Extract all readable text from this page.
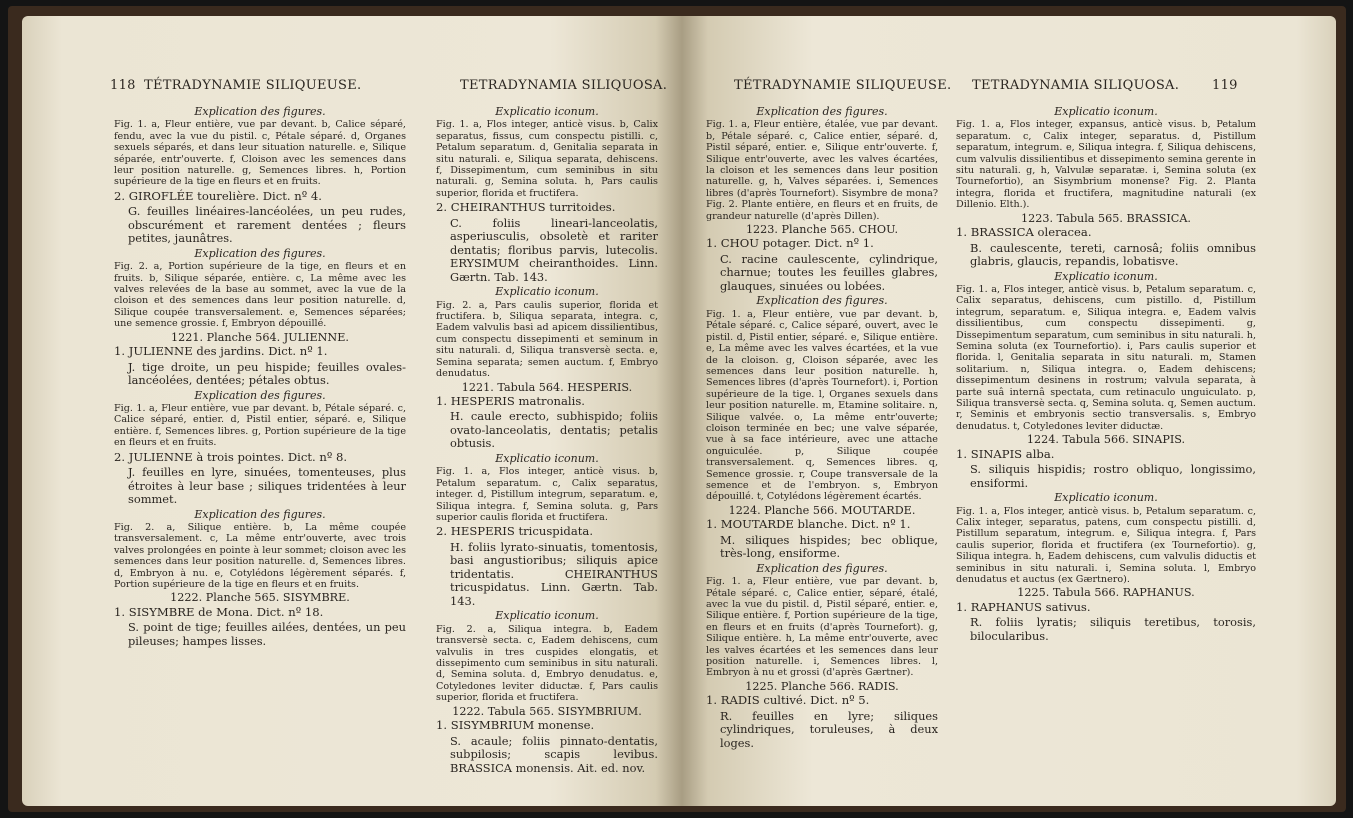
118 TÉTRADYNAMIE SILIQUEUSE.	TETRADYNAMIA SILIQUOSA.

Explication des figures.

Fig. 1. a, Fleur entière, vue par devant. b, Calice séparé, fendu, avec la vue du pistil. c, Pétale séparé. d, Organes sexuels séparés, et dans leur situation naturelle. e, Silique séparée, entr'ouverte. f, Cloison avec les semences dans leur position naturelle. g, Semences libres. h, Portion supérieure de la tige en fleurs et en fruits.

2. GIROFLÉE tourelière. Dict. nº 4.

G. feuilles linéaires-lancéolées, un peu rudes, obscurément et rarement dentées ; fleurs petites, jaunâtres.

Explication des figures.

Fig. 2. a, Portion supérieure de la tige, en fleurs et en fruits. b, Silique séparée, entière. c, La même avec les valves relevées de la base au sommet, avec la vue de la cloison et des semences dans leur position naturelle. d, Silique coupée transversalement. e, Semences séparées; une semence grossie. f, Embryon dépouillé.

1221. Planche 564. JULIENNE.

1. JULIENNE des jardins. Dict. nº 1.

J. tige droite, un peu hispide; feuilles ovales-lancéolées, dentées; pétales obtus.

Explication des figures.

Fig. 1. a, Fleur entière, vue par devant. b, Pétale séparé. c, Calice séparé, entier. d, Pistil entier, séparé. e, Silique entière. f, Semences libres. g, Portion supérieure de la tige en fleurs et en fruits.

2. JULIENNE à trois pointes. Dict. nº 8.

J. feuilles en lyre, sinuées, tomenteuses, plus étroites à leur base ; siliques tridentées à leur sommet.

Explication des figures.

Fig. 2. a, Silique entière. b, La même coupée transversalement. c, La même entr'ouverte, avec trois valves prolongées en pointe à leur sommet; cloison avec les semences dans leur position naturelle. d, Semences libres. d, Embryon à nu. e, Cotylédons légèrement séparés. f, Portion supérieure de la tige en fleurs et en fruits.

1222. Planche 565. SISYMBRE.

1. SISYMBRE de Mona. Dict. nº 18.

S. point de tige; feuilles ailées, dentées, un peu pileuses; hampes lisses.

Explicatio iconum.

Fig. 1. a, Flos integer, anticè visus. b, Calix separatus, fissus, cum conspectu pistilli. c, Petalum separatum. d, Genitalia separata in situ naturali. e, Siliqua separata, dehiscens. f, Dissepimentum, cum seminibus in situ naturali. g, Semina soluta. h, Pars caulis superior, florida et fructifera.

2. CHEIRANTHUS turritoides.

C. foliis lineari-lanceolatis, asperiusculis, obsoletè et rariter dentatis; floribus parvis, lutecolis. ERYSIMUM cheiranthoides. Linn. Gærtn. Tab. 143.

Explicatio iconum.

Fig. 2. a, Pars caulis superior, florida et fructifera. b, Siliqua separata, integra. c, Eadem valvulis basi ad apicem dissilientibus, cum conspectu dissepimenti et seminum in situ naturali. d, Siliqua transversè secta. e, Semina separata; semen auctum. f, Embryo denudatus.

1221. Tabula 564. HESPERIS.

1. HESPERIS matronalis.

H. caule erecto, subhispido; foliis ovato-lanceolatis, dentatis; petalis obtusis.

Explicatio iconum.

Fig. 1. a, Flos integer, anticè visus. b, Petalum separatum. c, Calix separatus, integer. d, Pistillum integrum, separatum. e, Siliqua integra. f, Semina soluta. g, Pars superior caulis florida et fructifera.

2. HESPERIS tricuspidata.

H. foliis lyrato-sinuatis, tomentosis, basi angustioribus; siliquis apice tridentatis. CHEIRANTHUS tricuspidatus. Linn. Gærtn. Tab. 143.

Explicatio iconum.

Fig. 2. a, Siliqua integra. b, Eadem transversè secta. c, Eadem dehiscens, cum valvulis in tres cuspides elongatis, et dissepimento cum seminibus in situ naturali. d, Semina soluta. d, Embryo denudatus. e, Cotyledones leviter diductæ. f, Pars caulis superior, florida et fructifera.

1222. Tabula 565. SISYMBRIUM.

1. SISYMBRIUM monense.

S. acaule; foliis pinnato-dentatis, subpilosis; scapis levibus. BRASSICA monensis. Ait. ed. nov.

TÉTRADYNAMIE SILIQUEUSE. TETRADYNAMIA SILIQUOSA.	119

Explication des figures.

Fig. 1. a, Fleur entière, étalée, vue par devant. b, Pétale séparé. c, Calice entier, séparé. d, Pistil séparé, entier. e, Silique entr'ouverte. f, Silique entr'ouverte, avec les valves écartées, la cloison et les semences dans leur position naturelle. g, h, Valves séparées. i, Semences libres (d'après Tournefort). Sisymbre de mona? Fig. 2. Plante entière, en fleurs et en fruits, de grandeur naturelle (d'après Dillen).

1223. Planche 565. CHOU.

1. CHOU potager. Dict. nº 1.

C. racine caulescente, cylindrique, charnue; toutes les feuilles glabres, glauques, sinuées ou lobées.

Explication des figures.

Fig. 1. a, Fleur entière, vue par devant. b, Pétale séparé. c, Calice séparé, ouvert, avec le pistil. d, Pistil entier, séparé. e, Silique entière. e, La même avec les valves écartées, et la vue de la cloison. g, Cloison séparée, avec les semences dans leur position naturelle. h, Semences libres (d'après Tournefort). i, Portion supérieure de la tige. l, Organes sexuels dans leur position naturelle. m, Etamine solitaire. n, Silique valvée. o, La même entr'ouverte; cloison terminée en bec; une valve séparée, vue à sa face intérieure, avec une attache onguiculée. p, Silique coupée transversalement. q, Semences libres. q, Semence grossie. r, Coupe transversale de la semence et de l'embryon. s, Embryon dépouillé. t, Cotylédons légèrement écartés.

1224. Planche 566. MOUTARDE.

1. MOUTARDE blanche. Dict. nº 1.

M. siliques hispides; bec oblique, très-long, ensiforme.

Explication des figures.

Fig. 1. a, Fleur entière, vue par devant. b, Pétale séparé. c, Calice entier, séparé, étalé, avec la vue du pistil. d, Pistil séparé, entier. e, Silique entière. f, Portion supérieure de la tige, en fleurs et en fruits (d'après Tournefort). g, Silique entière. h, La même entr'ouverte, avec les valves écartées et les semences dans leur position naturelle. i, Semences libres. l, Embryon à nu et grossi (d'après Gærtner).

1225. Planche 566. RADIS.

1. RADIS cultivé. Dict. nº 5.

R. feuilles en lyre; siliques cylindriques, toruleuses, à deux loges.

Explicatio iconum.

Fig. 1. a, Flos integer, expansus, anticè visus. b, Petalum separatum. c, Calix integer, separatus. d, Pistillum separatum, integrum. e, Siliqua integra. f, Siliqua dehiscens, cum valvulis dissilientibus et dissepimento semina gerente in situ naturali. g, h, Valvulæ separatæ. i, Semina soluta (ex Tournefortio), an Sisymbrium monense? Fig. 2. Planta integra, florida et fructifera, magnitudine naturali (ex Dillenio. Elth.).

1223. Tabula 565. BRASSICA.

1. BRASSICA oleracea.

B. caulescente, tereti, carnosâ; foliis omnibus glabris, glaucis, repandis, lobatisve.

Explicatio iconum.

Fig. 1. a, Flos integer, anticè visus. b, Petalum separatum. c, Calix separatus, dehiscens, cum pistillo. d, Pistillum integrum, separatum. e, Siliqua integra. e, Eadem valvis dissilientibus, cum conspectu dissepimenti. g, Dissepimentum separatum, cum seminibus in situ naturali. h, Semina soluta (ex Tournefortio). i, Pars caulis superior et florida. l, Genitalia separata in situ naturali. m, Stamen solitarium. n, Siliqua integra. o, Eadem dehiscens; dissepimentum desinens in rostrum; valvula separata, à parte suâ internâ spectata, cum retinaculo unguiculato. p, Siliqua transversè secta. q, Semina soluta. q, Semen auctum. r, Seminis et embryonis sectio transversalis. s, Embryo denudatus. t, Cotyledones leviter diductæ.

1224. Tabula 566. SINAPIS.

1. SINAPIS alba.

S. siliquis hispidis; rostro obliquo, longissimo, ensiformi.

Explicatio iconum.

Fig. 1. a, Flos integer, anticè visus. b, Petalum separatum. c, Calix integer, separatus, patens, cum conspectu pistilli. d, Pistillum separatum, integrum. e, Siliqua integra. f, Pars caulis superior, florida et fructifera (ex Tournefortio). g, Siliqua integra. h, Eadem dehiscens, cum valvulis diductis et seminibus in situ naturali. i, Semina soluta. l, Embryo denudatus et auctus (ex Gærtnero).

1225. Tabula 566. RAPHANUS.

1. RAPHANUS sativus.

R. foliis lyratis; siliquis teretibus, torosis, bilocularibus.
